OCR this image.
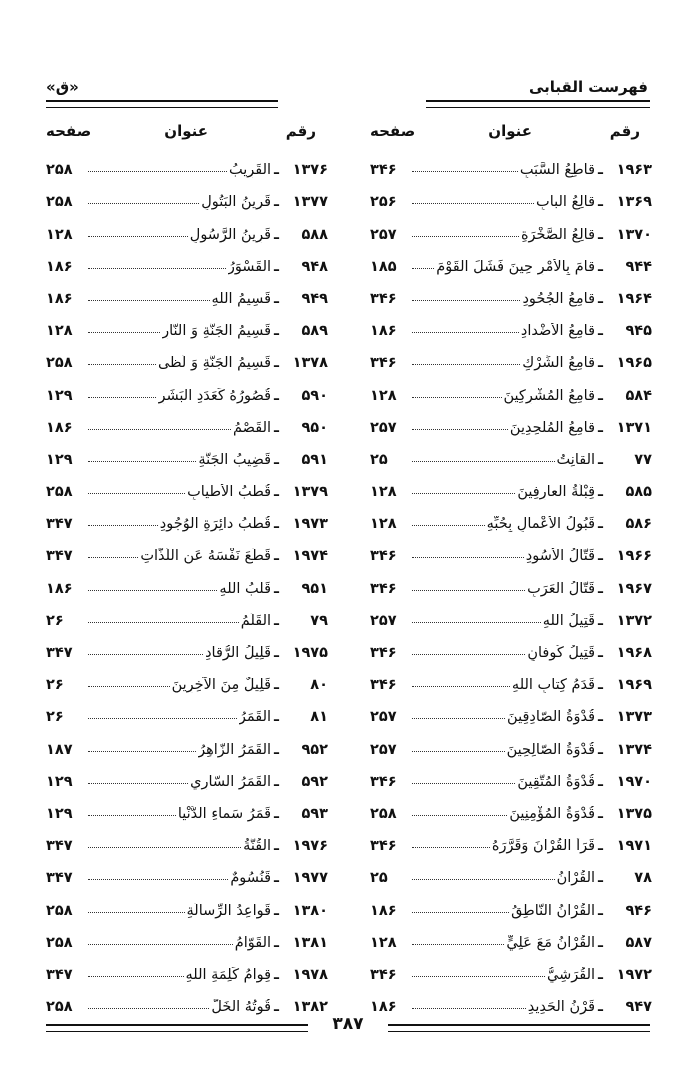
فهرست القبابی
«ق»
رقم
عنوان
صفحه
۱۹۶۳
ـ
قاطِعُ السَّبَبِ
۳۴۶
۱۳۶۹
ـ
قالِعُ الْبابِ
۲۵۶
۱۳۷۰
ـ
قالِعُ الصَّخْرَةِ
۲۵۷
۹۴۴
ـ
قامَ بِالْأَمْرِ حِينَ فَشَلَ الْقَوْمَ
۱۸۵
۱۹۶۴
ـ
قامِعُ الْجُحُودِ
۳۴۶
۹۴۵
ـ
قامِعُ الْأَضْدادِ
۱۸۶
۱۹۶۵
ـ
قامِعُ الشِّرْكِ
۳۴۶
۵۸۴
ـ
قامِعُ الْمُشْرِكِينَ
۱۲۸
۱۳۷۱
ـ
قامِعُ الْمُلْحِدِينَ
۲۵۷
۷۷
ـ
الْقانِتُ
۲۵
۵۸۵
ـ
قِبْلَةُ الْعارِفِينَ
۱۲۸
۵۸۶
ـ
قَبُولُ الْأَعْمالِ بِحُبِّهِ
۱۲۸
۱۹۶۶
ـ
قَتّالُ الْأُسُودِ
۳۴۶
۱۹۶۷
ـ
قَتّالُ الْعَرَبِ
۳۴۶
۱۳۷۲
ـ
قَتِيلُ اللهِ
۲۵۷
۱۹۶۸
ـ
قَتِيلُ كُوفانٍ
۳۴۶
۱۹۶۹
ـ
قَدَمُ كِتابِ اللهِ
۳۴۶
۱۳۷۳
ـ
قُدْوَةُ الصّادِقِينَ
۲۵۷
۱۳۷۴
ـ
قُدْوَةُ الصّالِحِينَ
۲۵۷
۱۹۷۰
ـ
قُدْوَةُ الْمُتَّقِينَ
۳۴۶
۱۳۷۵
ـ
قُدْوَةُ الْمُؤْمِنِينَ
۲۵۸
۱۹۷۱
ـ
قَرَأَ الْقُرْآنَ وَقَرَّرَهُ
۳۴۶
۷۸
ـ
الْقُرْآنُ
۲۵
۹۴۶
ـ
الْقُرْآنُ النّاطِقُ
۱۸۶
۵۸۷
ـ
الْقُرْآنُ مَعَ عَلِيٍّ
۱۲۸
۱۹۷۲
ـ
الْقُرَشِيُّ
۳۴۶
۹۴۷
ـ
قَرْنُ الْحَدِيدِ
۱۸۶
رقم
عنوان
صفحه
۱۳۷۶
ـ
الْقَرِيبُ
۲۵۸
۱۳۷۷
ـ
قَرِينُ الْبَتُولِ
۲۵۸
۵۸۸
ـ
قَرِينُ الرَّسُولِ
۱۲۸
۹۴۸
ـ
الْقَسْوَرُ
۱۸۶
۹۴۹
ـ
قَسِيمُ اللهِ
۱۸۶
۵۸۹
ـ
قَسِيمُ الْجَنَّةِ وَ النّارِ
۱۲۸
۱۳۷۸
ـ
قَسِيمُ الْجَنَّةِ وَ لَظى
۲۵۸
۵۹۰
ـ
قُصُورُهُ كَعَدَدِ الْبَشَرِ
۱۲۹
۹۵۰
ـ
الْقَصْمُ
۱۸۶
۵۹۱
ـ
قَضِيبُ الْجَنَّةِ
۱۲۹
۱۳۷۹
ـ
قُطْبُ الْأَطْيابِ
۲۵۸
۱۹۷۳
ـ
قُطْبُ دائِرَةِ الْوُجُودِ
۳۴۷
۱۹۷۴
ـ
قَطَعَ نَفْسَهُ عَنِ اللَّذّاتِ
۳۴۷
۹۵۱
ـ
قَلْبُ اللهِ
۱۸۶
۷۹
ـ
الْقَلَمُ
۲۶
۱۹۷۵
ـ
قَلِيلُ الرُّقادِ
۳۴۷
۸۰
ـ
قَلِيلٌ مِنَ الْآخِرِينَ
۲۶
۸۱
ـ
الْقَمَرُ
۲۶
۹۵۲
ـ
الْقَمَرُ الزّاهِرُ
۱۸۷
۵۹۲
ـ
الْقَمَرُ السّارِي
۱۲۹
۵۹۳
ـ
قَمَرُ سَماءِ الدُّنْيا
۱۲۹
۱۹۷۶
ـ
الْقُنَّةُ
۳۴۷
۱۹۷۷
ـ
قَنُسُومٌ
۳۴۷
۱۳۸۰
ـ
قَواعِدُ الرِّسالَةِ
۲۵۸
۱۳۸۱
ـ
الْقَوّامُ
۲۵۸
۱۹۷۸
ـ
قِوامُ كَلِمَةِ اللهِ
۳۴۷
۱۳۸۲
ـ
قُوتُهُ الْخَلُّ
۲۵۸
۳۸۷
